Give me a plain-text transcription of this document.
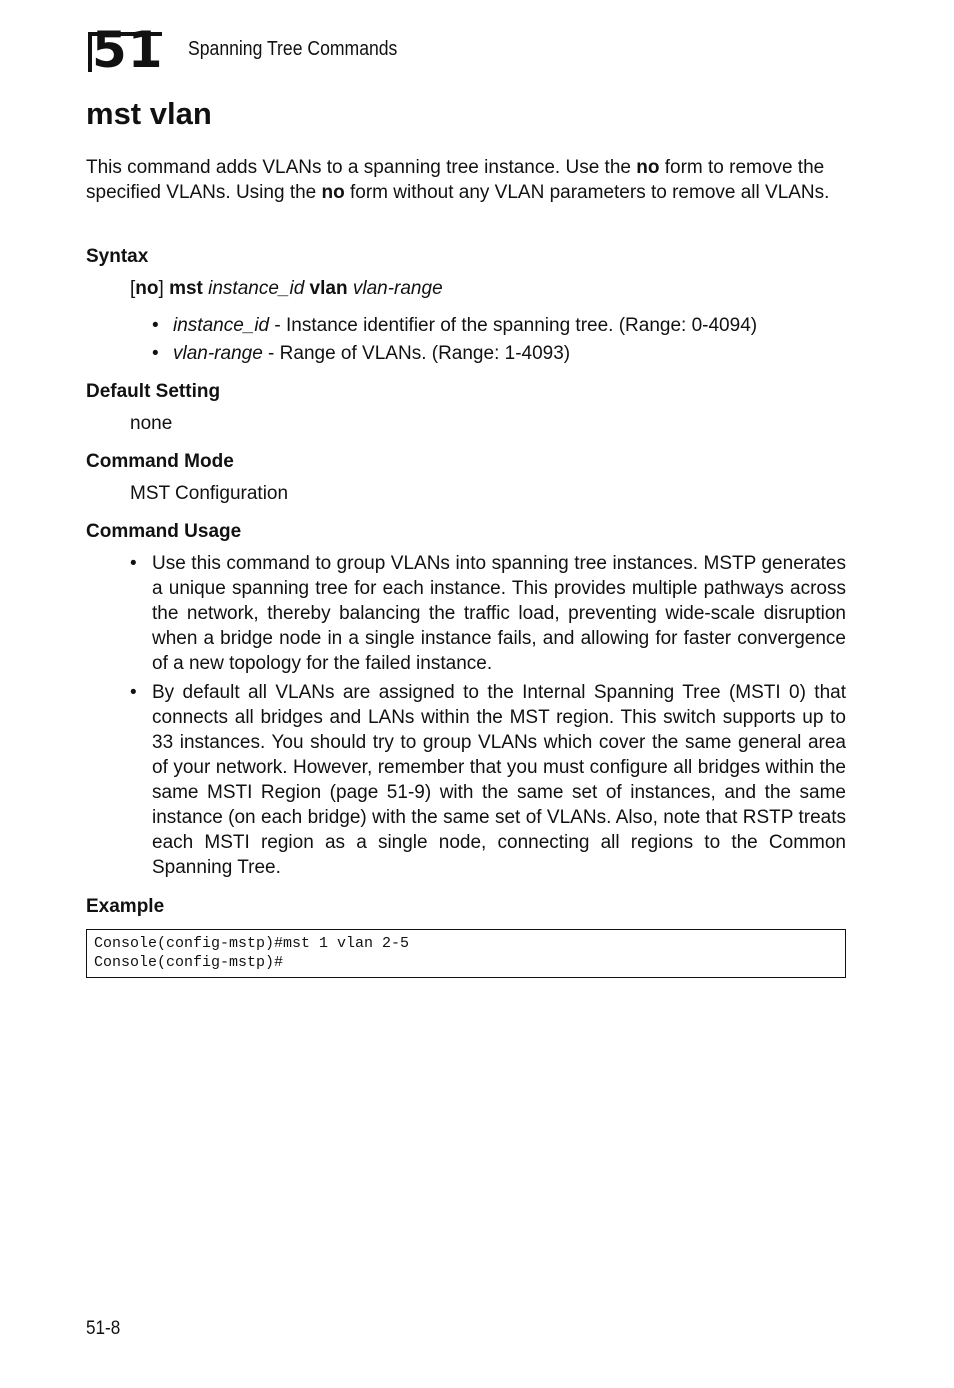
51 Spanning Tree Commands
mst vlan
This command adds VLANs to a spanning tree instance. Use the no form to remove the specified VLANs. Using the no form without any VLAN parameters to remove all VLANs.
Syntax
[no] mst instance_id vlan vlan-range
• instance_id - Instance identifier of the spanning tree. (Range: 0-4094)
• vlan-range - Range of VLANs. (Range: 1-4093)
Default Setting
none
Command Mode
MST Configuration
Command Usage
• Use this command to group VLANs into spanning tree instances. MSTP generates a unique spanning tree for each instance. This provides multiple pathways across the network, thereby balancing the traffic load, preventing wide-scale disruption when a bridge node in a single instance fails, and allowing for faster convergence of a new topology for the failed instance.
• By default all VLANs are assigned to the Internal Spanning Tree (MSTI 0) that connects all bridges and LANs within the MST region. This switch supports up to 33 instances. You should try to group VLANs which cover the same general area of your network. However, remember that you must configure all bridges within the same MSTI Region (page 51-9) with the same set of instances, and the same instance (on each bridge) with the same set of VLANs. Also, note that RSTP treats each MSTI region as a single node, connecting all regions to the Common Spanning Tree.
Example
Console(config-mstp)#mst 1 vlan 2-5
Console(config-mstp)#
51-8
